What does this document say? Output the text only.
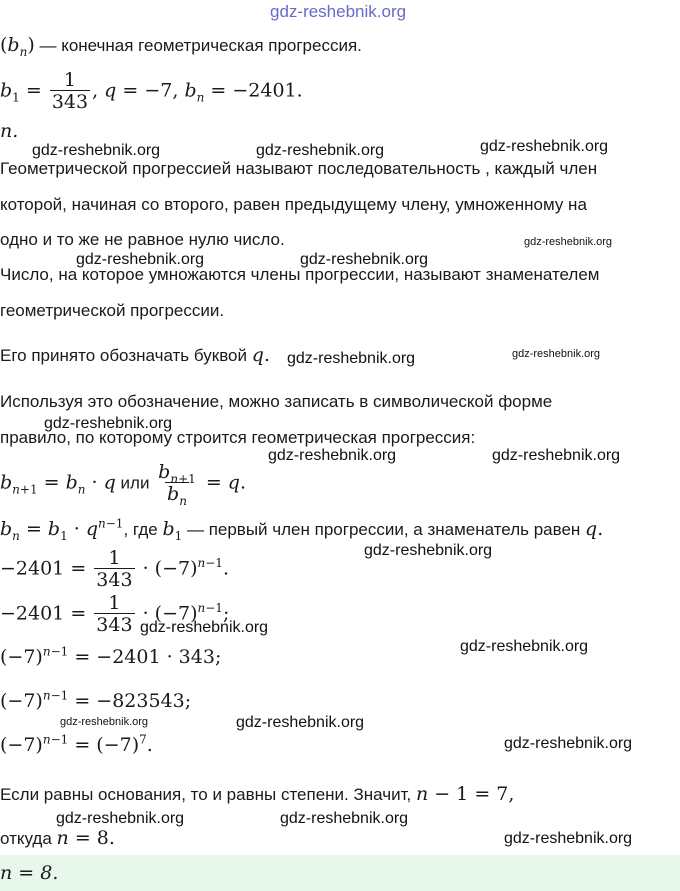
gdz-reshebnik.org
gdz-reshebnik.org	gdz-reshebnik.org	gdz-reshebnik.org
gdz-reshebnik.org
gdz-reshebnik.org	gdz-reshebnik.org
gdz-reshebnik.org	gdz-reshebnik.org
gdz-reshebnik.org
gdz-reshebnik.org	gdz-reshebnik.org
gdz-reshebnik.org
gdz-reshebnik.org
gdz-reshebnik.org
gdz-reshebnik.org	gdz-reshebnik.org
gdz-reshebnik.org
gdz-reshebnik.org	gdz-reshebnik.org
gdz-reshebnik.org
$(b_n)$ — конечная геометрическая прогрессия.
$b_1 = \frac{1}{343}$ , q = −7, $b_n = -2401$.
n.
Геометрической прогрессией называют последовательность , каждый член
которой, начиная со второго, равен предыдущему члену, умноженному на
одно и то же не равное нулю число.
Число, на которое умножаются члены прогрессии, называют знаменателем
геометрической прогрессии.
Его принято обозначать буквой q.
Используя это обозначение, можно записать в символической форме
правило, по которому строится геометрическая прогрессия:
$b_{n+1} = b_n \cdot q$ или $\frac{b_{n+1}}{b_n} = q$.
$b_n = b_1 \cdot q^{n-1}$, где $b_1$ — первый член прогрессии, а знаменатель равен q.
$-2401 = \frac{1}{343} \cdot (-7)^{n-1}$.
$-2401 = \frac{1}{343} \cdot (-7)^{n-1}$;
$(-7)^{n-1} = -2401 \cdot 343$;
$(-7)^{n-1} = -823543$;
$(-7)^{n-1} = (-7)^7$.
Если равны основания, то и равны степени. Значит, n − 1 = 7,
откуда n = 8.
n = 8.
